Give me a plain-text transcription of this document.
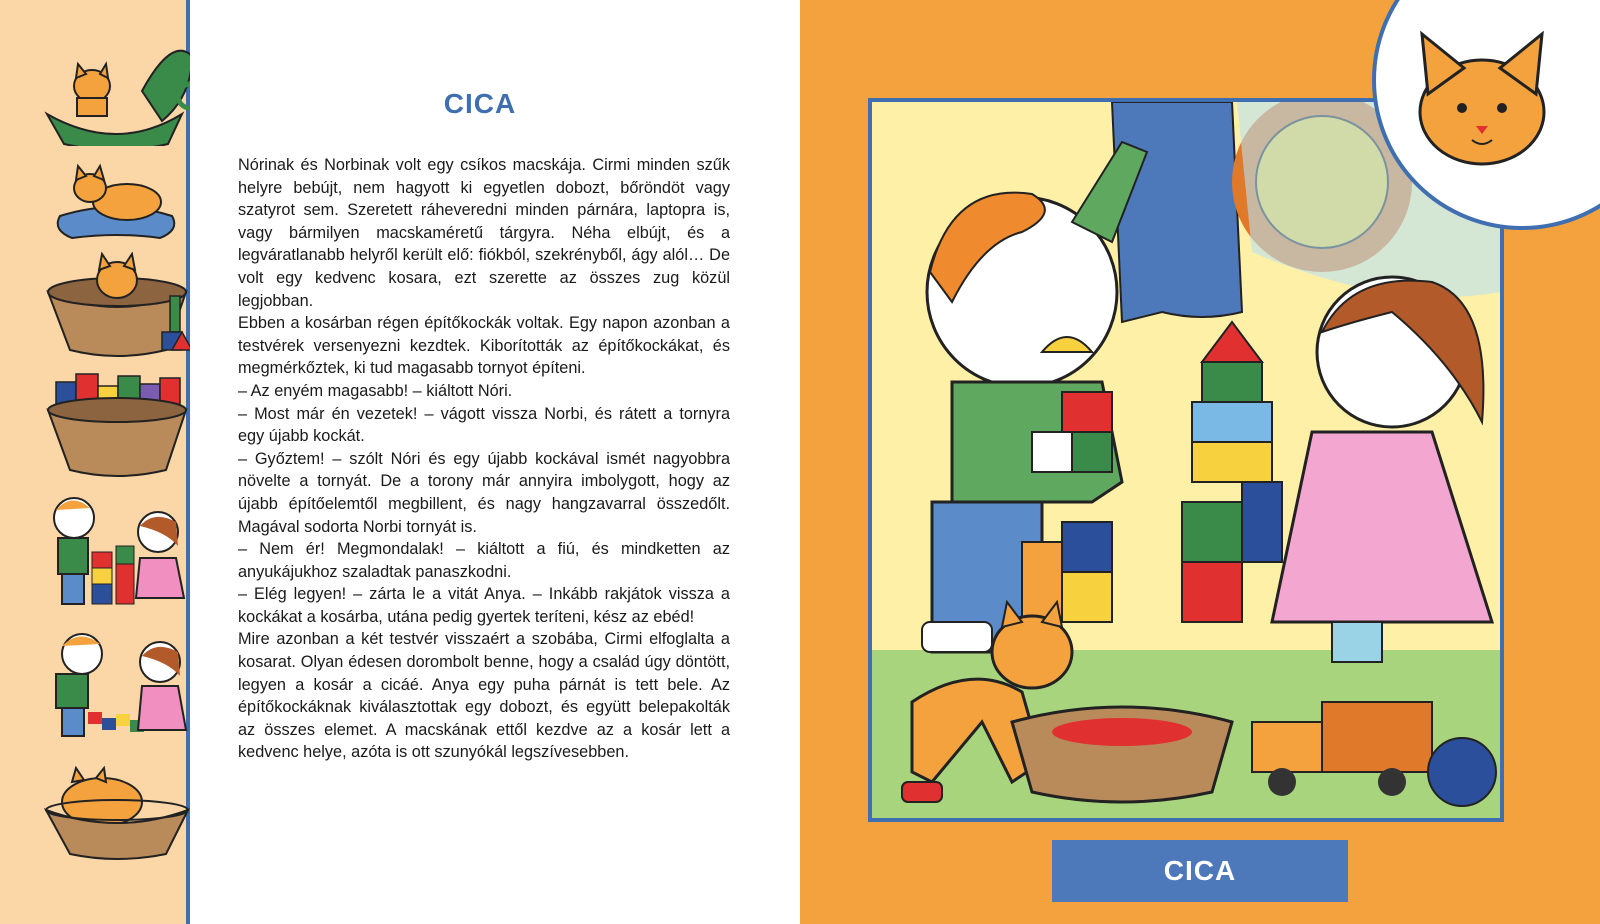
CICA

Nórinak és Norbinak volt egy csíkos macskája. Cirmi minden szűk helyre bebújt, nem hagyott ki egyetlen dobozt, bőröndöt vagy szatyrot sem. Szeretett ráheveredni minden párnára, laptopra is, vagy bármilyen macskaméretű tárgyra. Néha elbújt, és a legváratlanabb helyről került elő: fiókból, szekrényből, ágy alól… De volt egy kedvenc kosara, ezt szerette az összes zug közül legjobban.

Ebben a kosárban régen építőkockák voltak. Egy napon azonban a testvérek versenyezni kezdtek. Kiborították az építőkockákat, és megmérkőztek, ki tud magasabb tornyot építeni.

– Az enyém magasabb! – kiáltott Nóri.

– Most már én vezetek! – vágott vissza Norbi, és rátett a tornyra egy újabb kockát.

– Győztem! – szólt Nóri és egy újabb kockával ismét nagyobbra növelte a tornyát. De a torony már annyira imbolygott, hogy az újabb építőelemtől megbillent, és nagy hangzavarral összedőlt. Magával sodorta Norbi tornyát is.

– Nem ér! Megmondalak! – kiáltott a fiú, és mindketten az anyukájukhoz szaladtak panaszkodni.

– Elég legyen! – zárta le a vitát Anya. – Inkább rakjátok vissza a kockákat a kosárba, utána pedig gyertek teríteni, kész az ebéd!

Mire azonban a két testvér visszaért a szobába, Cirmi elfoglalta a kosarat. Olyan édesen dorombolt benne, hogy a család úgy döntött, legyen a kosár a cicáé. Anya egy puha párnát is tett bele. Az építőkockáknak kiválasztottak egy dobozt, és együtt belepakolták az összes elemet. A macskának ettől kezdve az a kosár lett a kedvenc helye, azóta is ott szunyókál legszívesebben.

CICA
